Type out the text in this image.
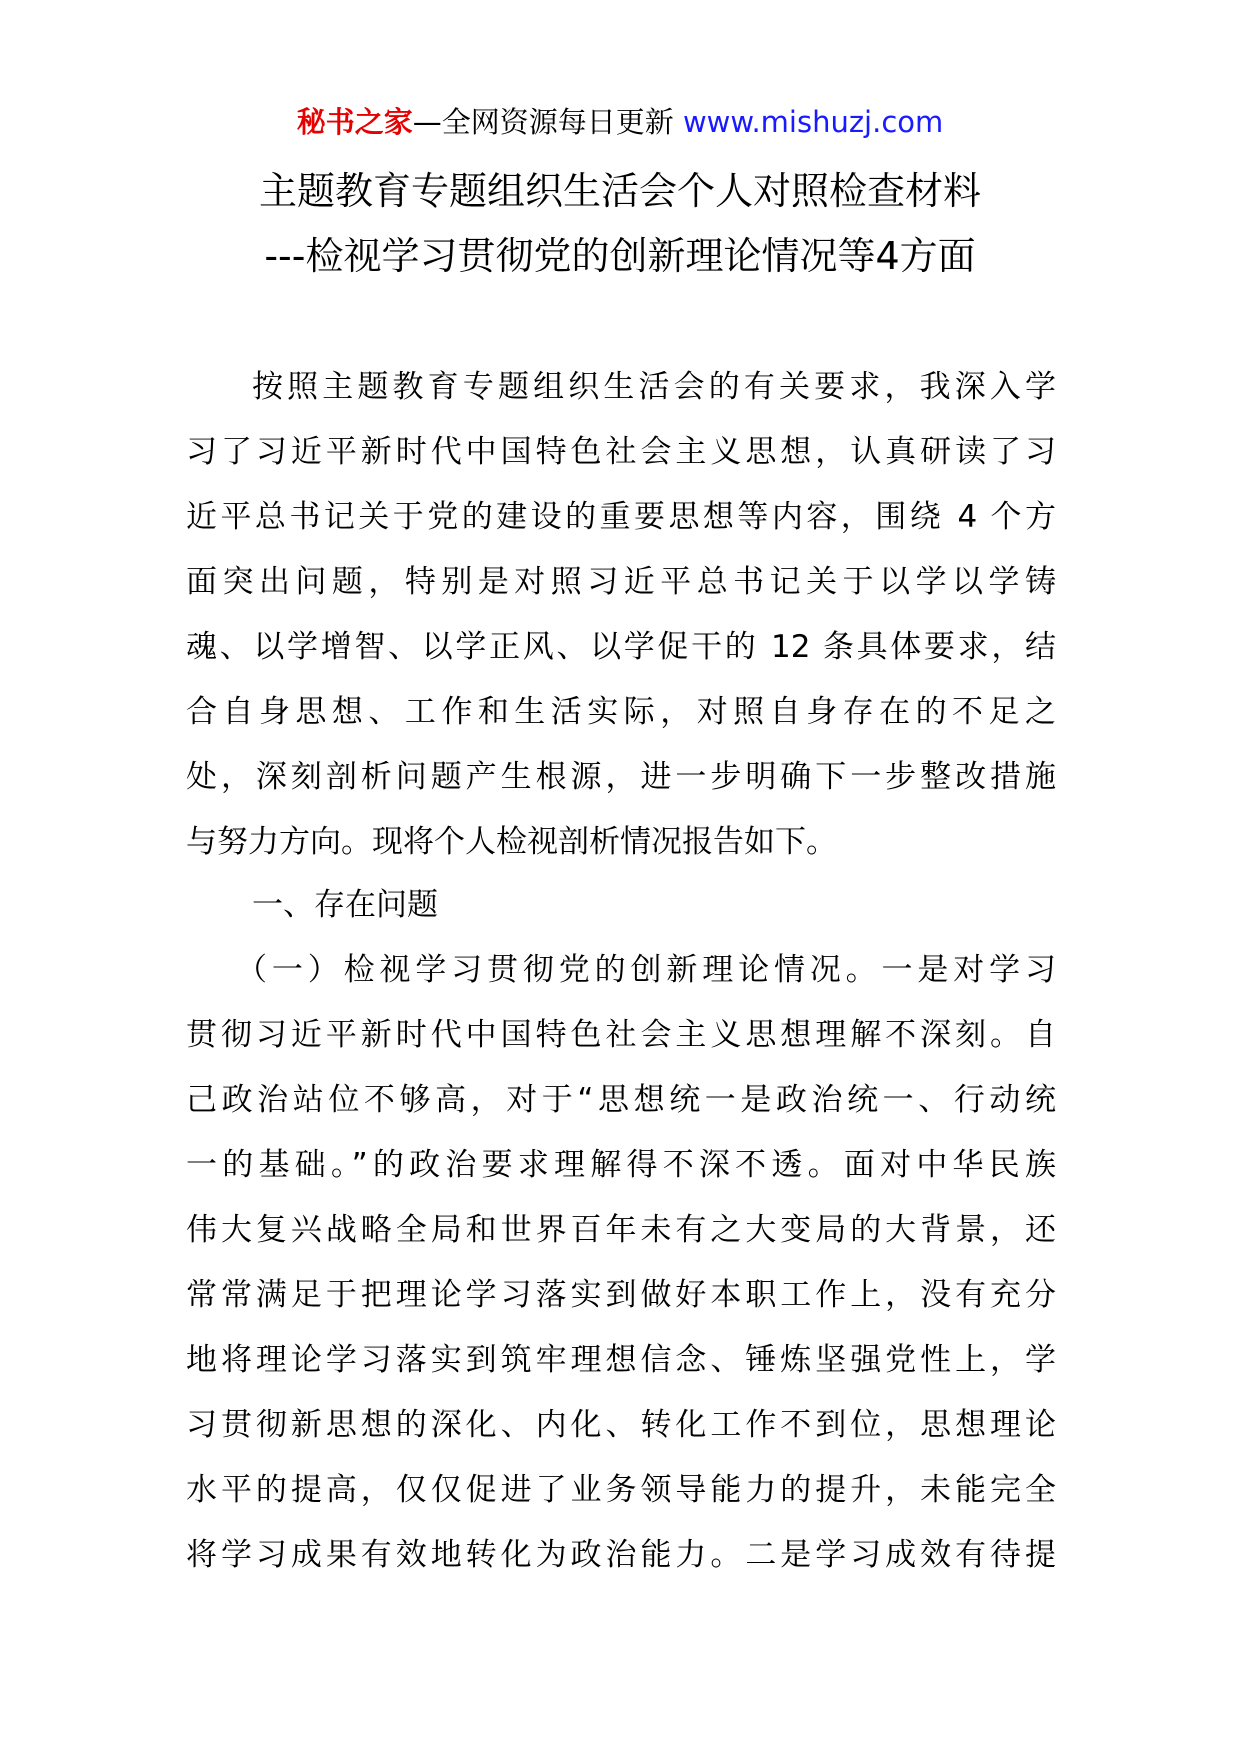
秘书之家—全网资源每日更新 www.mishuzj.com
主题教育专题组织生活会个人对照检查材料
---检视学习贯彻党的创新理论情况等4方面
按照主题教育专题组织生活会的有关要求，我深入学
习了习近平新时代中国特色社会主义思想，认真研读了习
近平总书记关于党的建设的重要思想等内容，围绕 4 个方
面突出问题，特别是对照习近平总书记关于以学以学铸
魂、以学增智、以学正风、以学促干的 12 条具体要求，结
合自身思想、工作和生活实际，对照自身存在的不足之
处，深刻剖析问题产生根源，进一步明确下一步整改措施
与努力方向。现将个人检视剖析情况报告如下。
一、存在问题
（一）检视学习贯彻党的创新理论情况。一是对学习
贯彻习近平新时代中国特色社会主义思想理解不深刻。自
己政治站位不够高，对于“思想统一是政治统一、行动统
一的基础。”的政治要求理解得不深不透。面对中华民族
伟大复兴战略全局和世界百年未有之大变局的大背景，还
常常满足于把理论学习落实到做好本职工作上，没有充分
地将理论学习落实到筑牢理想信念、锤炼坚强党性上，学
习贯彻新思想的深化、内化、转化工作不到位，思想理论
水平的提高，仅仅促进了业务领导能力的提升，未能完全
将学习成果有效地转化为政治能力。二是学习成效有待提
